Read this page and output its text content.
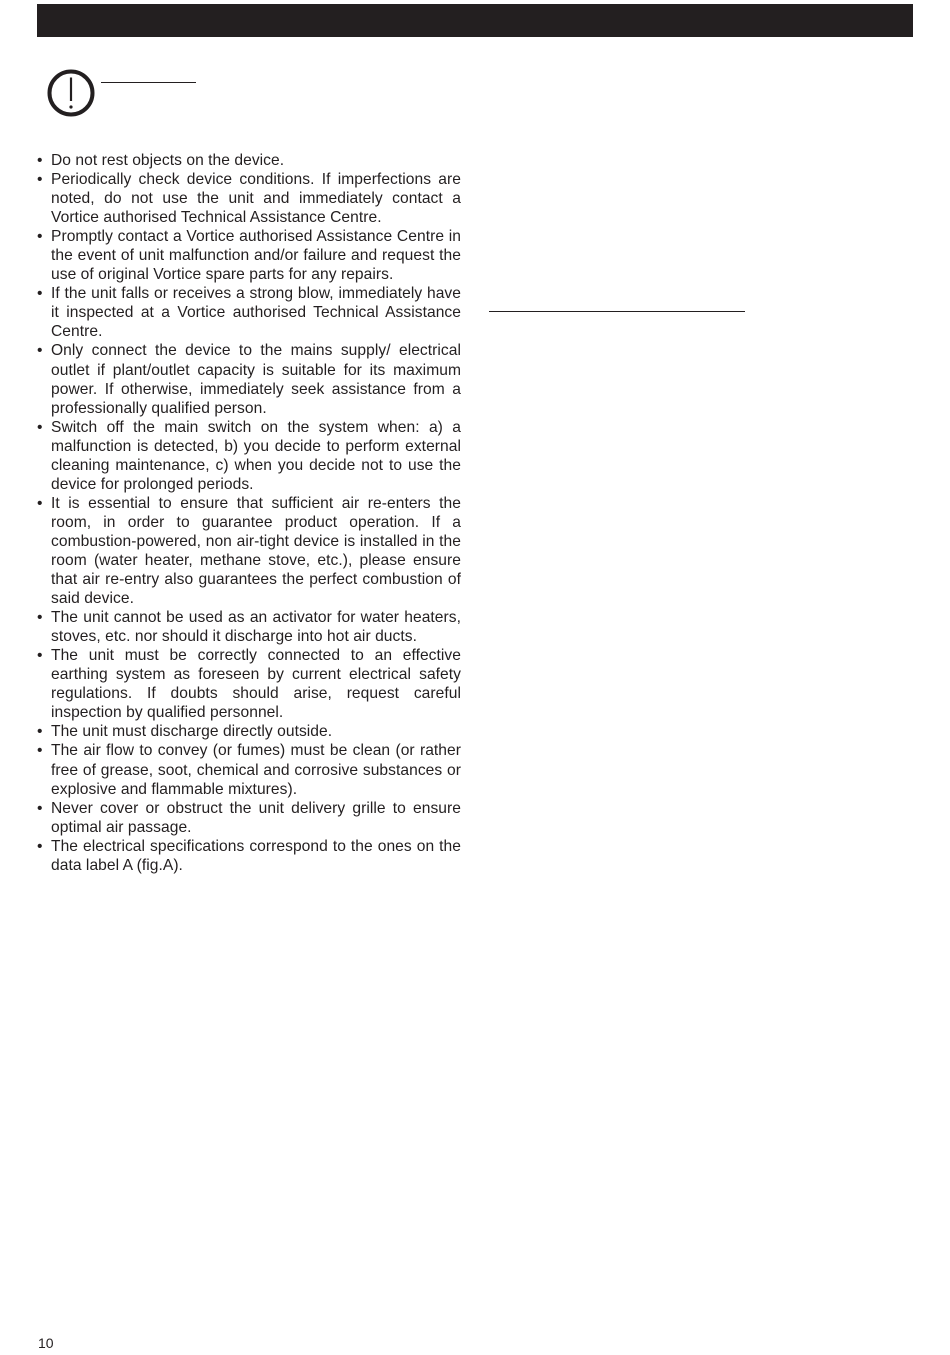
• Do not rest objects on the device.
• Periodically check device conditions. If imperfections are noted, do not use the unit and immediately contact a Vortice authorised Technical Assistance Centre.
• Promptly contact a Vortice authorised Assistance Centre in the event of unit malfunction and/or failure and request the use of original Vortice spare parts for any repairs.
• If the unit falls or receives a strong blow, immediately have it inspected at a Vortice authorised Technical Assistance Centre.
• Only connect the device to the mains supply/ electrical outlet if plant/outlet capacity is suitable for its maximum power. If otherwise, immediately seek assistance from a professionally qualified person.
• Switch off the main switch on the system when: a) a malfunction is detected, b) you decide to perform external cleaning maintenance, c) when you decide not to use the device for prolonged periods.
• It is essential to ensure that sufficient air re-enters the room, in order to guarantee product operation. If a combustion-powered, non air-tight device is installed in the room (water heater, methane stove, etc.), please ensure that air re-entry also guarantees the perfect combustion of said device.
• The unit cannot be used as an activator for water heaters, stoves, etc. nor should it discharge into hot air ducts.
• The unit must be correctly connected to an effective earthing system as foreseen by current electrical safety regulations. If doubts should arise, request careful inspection by qualified personnel.
• The unit must discharge directly outside.
• The air flow to convey (or fumes) must be clean (or rather free of grease, soot, chemical and corrosive substances or explosive and flammable mixtures).
• Never cover or obstruct the unit delivery grille to ensure optimal air passage.
• The electrical specifications correspond to the ones on the data label A (fig.A).
10
